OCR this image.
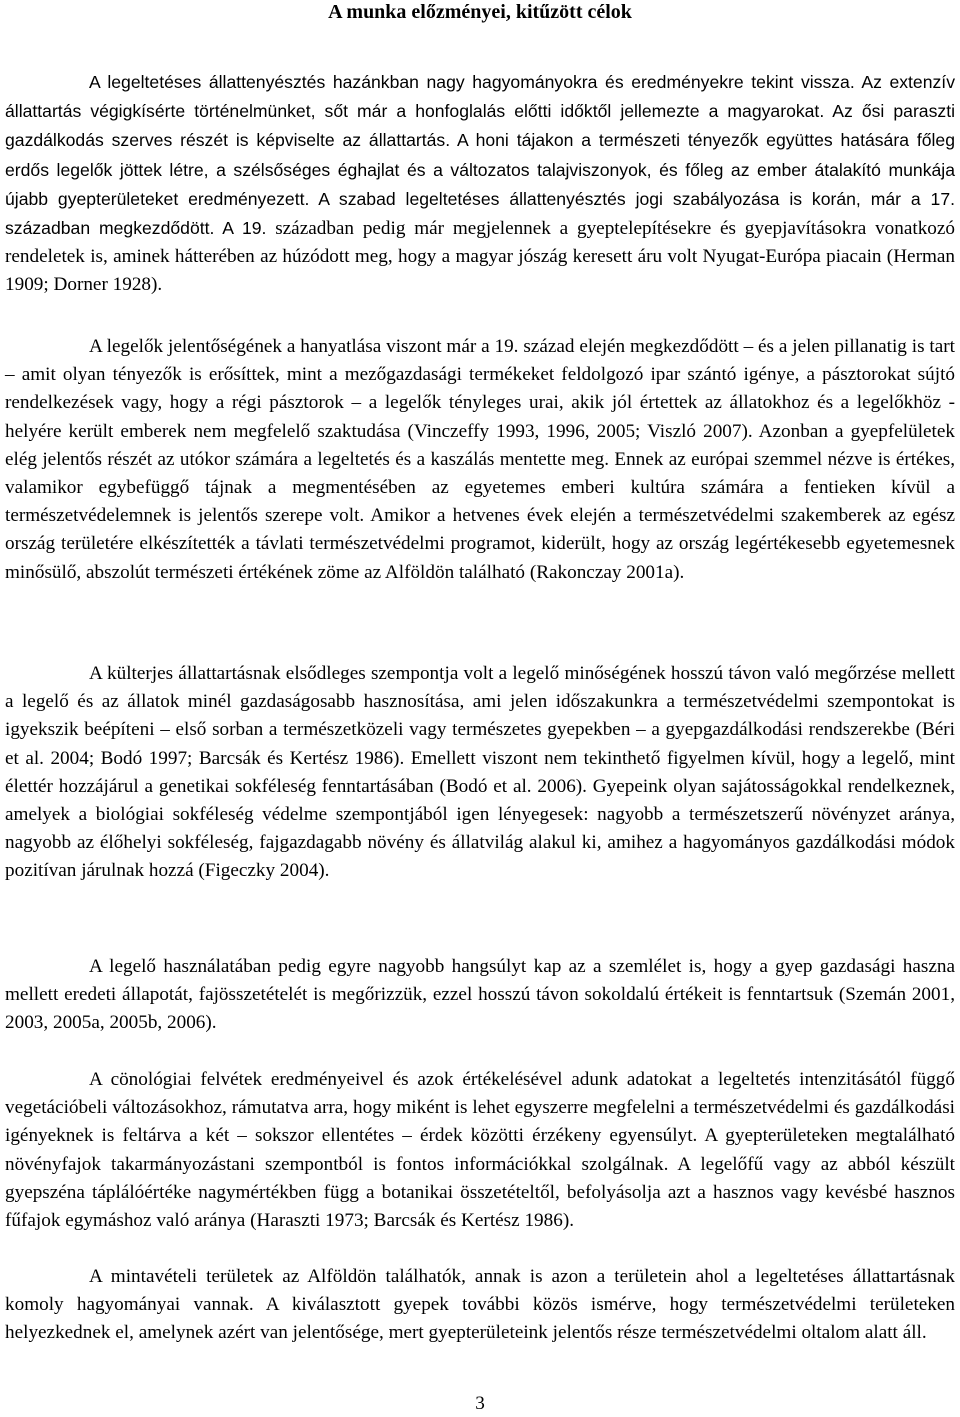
A munka előzményei, kitűzött célok

A legeltetéses állattenyésztés hazánkban nagy hagyományokra és eredményekre tekint vissza. Az extenzív állattartás végigkísérte történelmünket, sőt már a honfoglalás előtti időktől jellemezte a magyarokat. Az ősi paraszti gazdálkodás szerves részét is képviselte az állattartás. A honi tájakon a természeti tényezők együttes hatására főleg erdős legelők jöttek létre, a szélsőséges éghajlat és a változatos talajviszonyok, és főleg az ember átalakító munkája újabb gyepterületeket eredményezett. A szabad legeltetéses állattenyésztés jogi szabályozása is korán, már a 17. században megkezdődött. A 19. században pedig már megjelennek a gyeptelepítésekre és gyepjavításokra vonatkozó rendeletek is, aminek hátterében az húzódott meg, hogy a magyar jószág keresett áru volt Nyugat-Európa piacain (Herman 1909; Dorner 1928).

A legelők jelentőségének a hanyatlása viszont már a 19. század elején megkezdődött – és a jelen pillanatig is tart – amit olyan tényezők is erősíttek, mint a mezőgazdasági termékeket feldolgozó ipar szántó igénye, a pásztorokat sújtó rendelkezések vagy, hogy a régi pásztorok – a legelők tényleges urai, akik jól értettek az állatokhoz és a legelőkhöz - helyére került emberek nem megfelelő szaktudása (Vinczeffy 1993, 1996, 2005; Viszló 2007). Azonban a gyepfelületek elég jelentős részét az utókor számára a legeltetés és a kaszálás mentette meg. Ennek az európai szemmel nézve is értékes, valamikor egybefüggő tájnak a megmentésében az egyetemes emberi kultúra számára a fentieken kívül a természetvédelemnek is jelentős szerepe volt. Amikor a hetvenes évek elején a természetvédelmi szakemberek az egész ország területére elkészítették a távlati természetvédelmi programot, kiderült, hogy az ország legértékesebb egyetemesnek minősülő, abszolút természeti értékének zöme az Alföldön található (Rakonczay 2001a).

A külterjes állattartásnak elsődleges szempontja volt a legelő minőségének hosszú távon való megőrzése mellett a legelő és az állatok minél gazdaságosabb hasznosítása, ami jelen időszakunkra a természetvédelmi szempontokat is igyekszik beépíteni – első sorban a természetközeli vagy természetes gyepekben – a gyepgazdálkodási rendszerekbe (Béri et al. 2004; Bodó 1997; Barcsák és Kertész 1986). Emellett viszont nem tekinthető figyelmen kívül, hogy a legelő, mint élettér hozzájárul a genetikai sokféleség fenntartásában (Bodó et al. 2006). Gyepeink olyan sajátosságokkal rendelkeznek, amelyek a biológiai sokféleség védelme szempontjából igen lényegesek: nagyobb a természetszerű növényzet aránya, nagyobb az élőhelyi sokféleség, fajgazdagabb növény és állatvilág alakul ki, amihez a hagyományos gazdálkodási módok pozitívan járulnak hozzá (Figeczky 2004).

A legelő használatában pedig egyre nagyobb hangsúlyt kap az a szemlélet is, hogy a gyep gazdasági haszna mellett eredeti állapotát, fajösszetételét is megőrizzük, ezzel hosszú távon sokoldalú értékeit is fenntartsuk (Szemán 2001, 2003, 2005a, 2005b, 2006).

A cönológiai felvétek eredményeivel és azok értékelésével adunk adatokat a legeltetés intenzitásától függő vegetációbeli változásokhoz, rámutatva arra, hogy miként is lehet egyszerre megfelelni a természetvédelmi és gazdálkodási igényeknek is feltárva a két – sokszor ellentétes – érdek közötti érzékeny egyensúlyt. A gyepterületeken megtalálható növényfajok takarmányozástani szempontból is fontos információkkal szolgálnak. A legelőfű vagy az abból készült gyepszéna táplálóértéke nagymértékben függ a botanikai összetételtől, befolyásolja azt a hasznos vagy kevésbé hasznos fűfajok egymáshoz való aránya (Haraszti 1973; Barcsák és Kertész 1986).

A mintavételi területek az Alföldön találhatók, annak is azon a területein ahol a legeltetéses állattartásnak komoly hagyományai vannak. A kiválasztott gyepek további közös ismérve, hogy természetvédelmi területeken helyezkednek el, amelynek azért van jelentősége, mert gyepterületeink jelentős része természetvédelmi oltalom alatt áll.

3
